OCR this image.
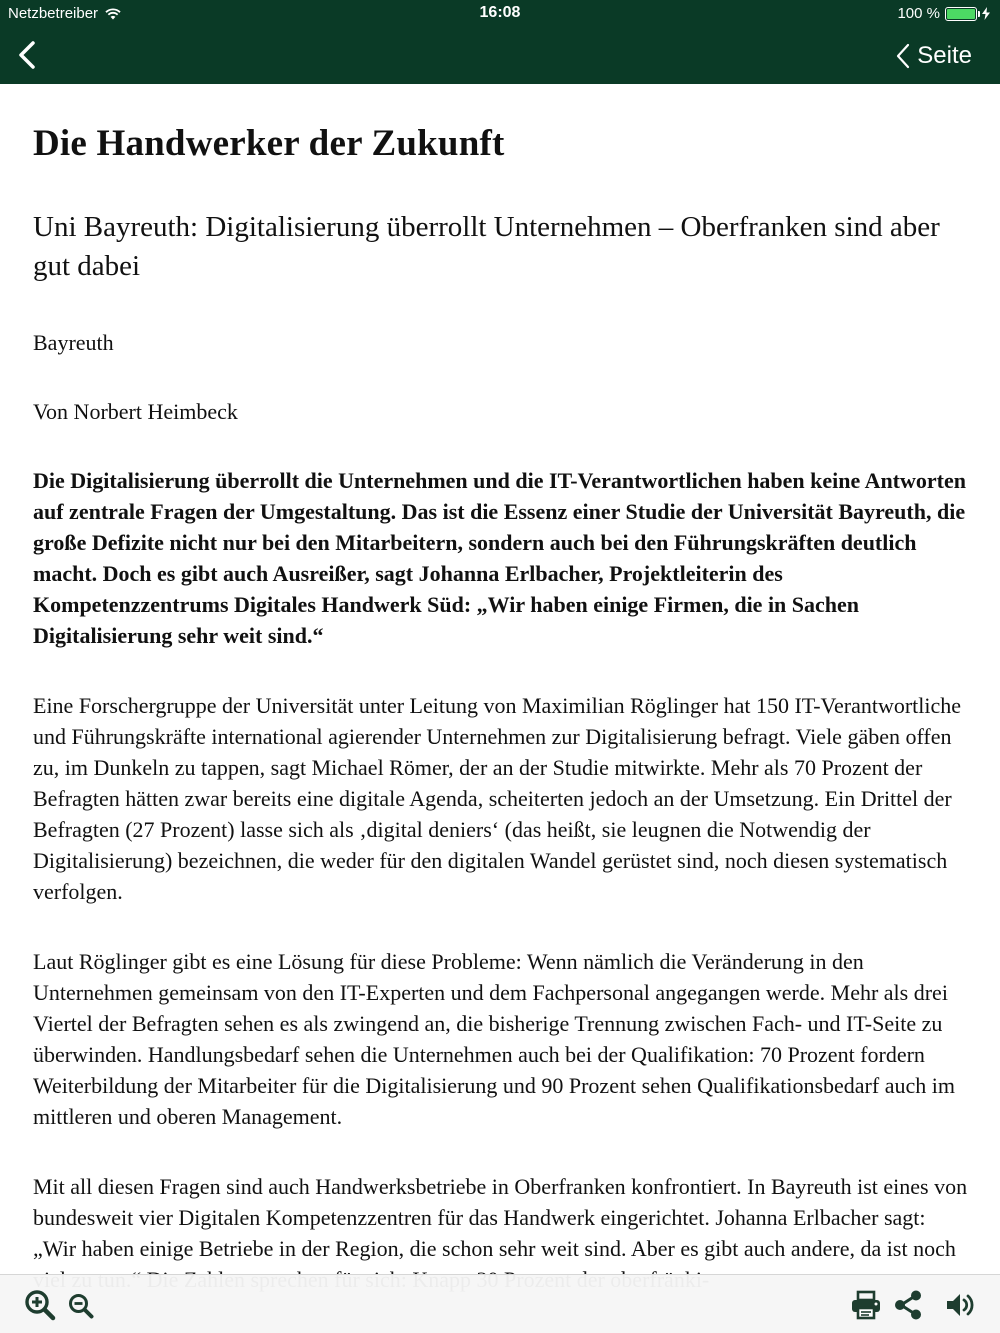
Netzbetreiber	16:08	100 %
Seite
Die Handwerker der Zukunft
Uni Bayreuth: Digitalisierung überrollt Unternehmen – Oberfranken sind aber gut dabei

Bayreuth

Von Norbert Heimbeck

Die Digitalisierung überrollt die Unternehmen und die IT-Verantwortlichen haben keine Antworten auf zentrale Fragen der Umgestaltung. Das ist die Essenz einer Studie der Universität Bayreuth, die große Defizite nicht nur bei den Mitarbeitern, sondern auch bei den Führungskräften deutlich macht. Doch es gibt auch Ausreißer, sagt Johanna Erlbacher, Projektleiterin des Kompetenzzentrums Digitales Handwerk Süd: „Wir haben einige Firmen, die in Sachen Digitalisierung sehr weit sind.“

Eine Forschergruppe der Universität unter Leitung von Maximilian Röglinger hat 150 IT-Verantwortliche und Führungskräfte international agierender Unternehmen zur Digitalisierung befragt. Viele gäben offen zu, im Dunkeln zu tappen, sagt Michael Römer, der an der Studie mitwirkte. Mehr als 70 Prozent der Befragten hätten zwar bereits eine digitale Agenda, scheiterten jedoch an der Umsetzung. Ein Drittel der Befragten (27 Prozent) lasse sich als ‚digital deniers‘ (das heißt, sie leugnen die Notwendig der Digitalisierung) bezeichnen, die weder für den digitalen Wandel gerüstet sind, noch diesen systematisch verfolgen.

Laut Röglinger gibt es eine Lösung für diese Probleme: Wenn nämlich die Veränderung in den Unternehmen gemeinsam von den IT-Experten und dem Fachpersonal angegangen werde. Mehr als drei Viertel der Befragten sehen es als zwingend an, die bisherige Trennung zwischen Fach- und IT-Seite zu überwinden. Handlungsbedarf sehen die Unternehmen auch bei der Qualifikation: 70 Prozent fordern Weiterbildung der Mitarbeiter für die Digitalisierung und 90 Prozent sehen Qualifikationsbedarf auch im mittleren und oberen Management.

Mit all diesen Fragen sind auch Handwerksbetriebe in Oberfranken konfrontiert. In Bayreuth ist eines von bundesweit vier Digitalen Kompetenzzentren für das Handwerk eingerichtet. Johanna Erlbacher sagt: „Wir haben einige Betriebe in der Region, die schon sehr weit sind. Aber es gibt auch andere, da ist noch
